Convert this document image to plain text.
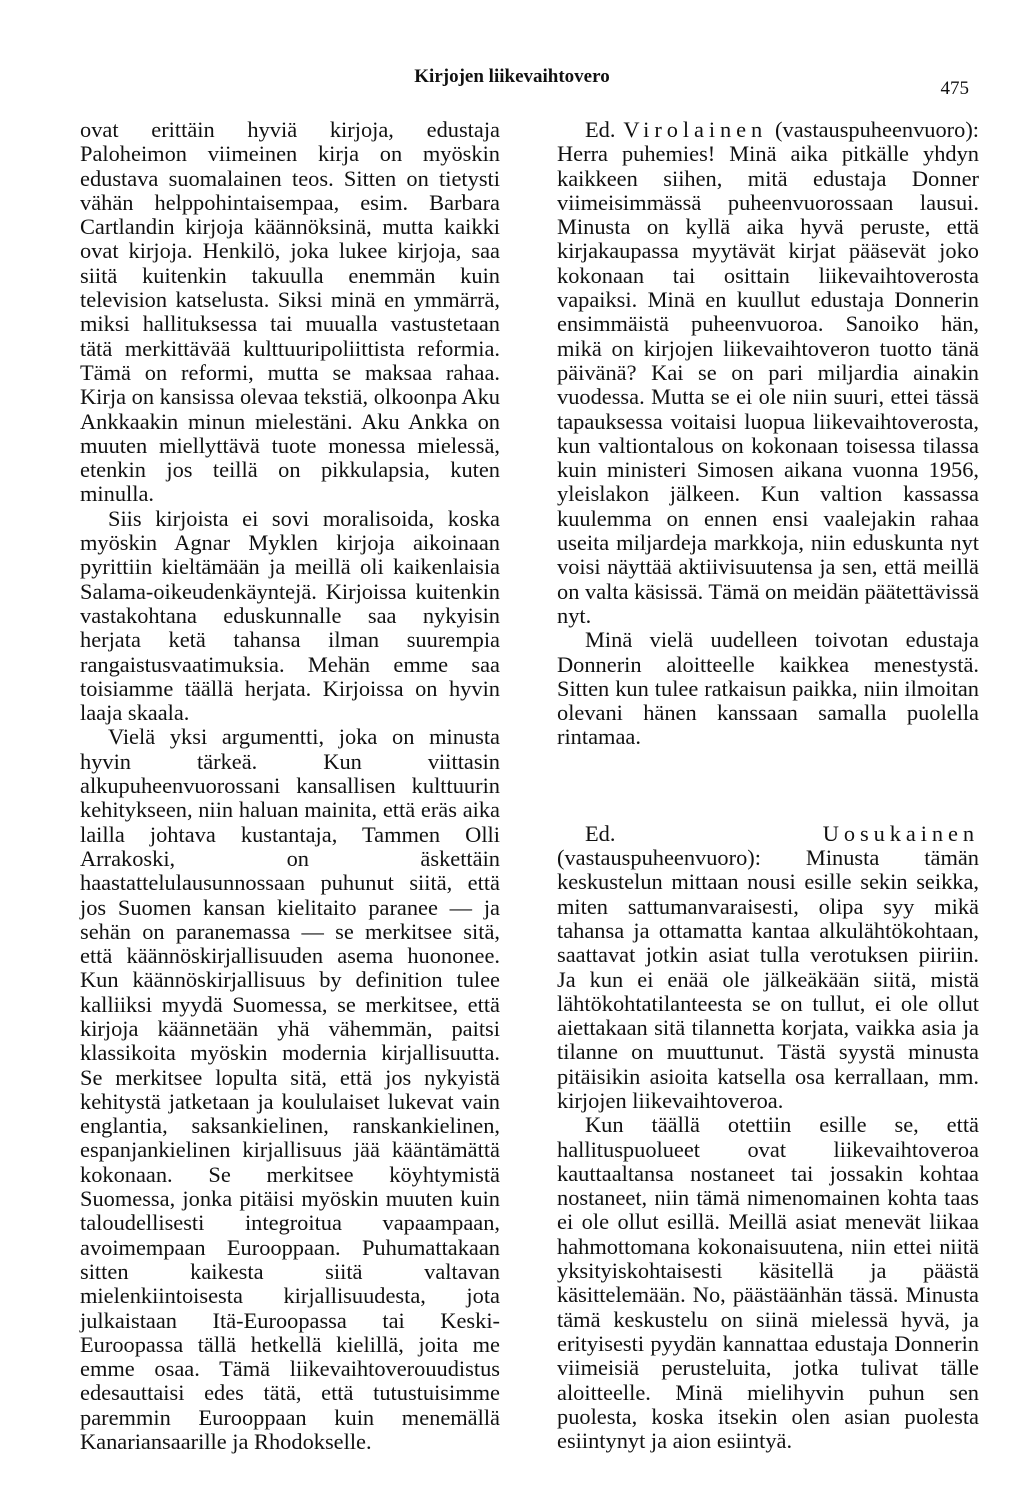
Kirjojen liikevaihtovero
475

ovat erittäin hyviä kirjoja, edustaja Paloheimon viimeinen kirja on myöskin edustava suomalainen teos. Sitten on tietysti vähän helppohintaisempaa, esim. Barbara Cartlandin kirjoja käännöksinä, mutta kaikki ovat kirjoja. Henkilö, joka lukee kirjoja, saa siitä kuitenkin takuulla enemmän kuin television katselusta. Siksi minä en ymmärrä, miksi hallituksessa tai muualla vastustetaan tätä merkittävää kulttuuripoliittista reformia. Tämä on reformi, mutta se maksaa rahaa. Kirja on kansissa olevaa tekstiä, olkoonpa Aku Ankkaakin minun mielestäni. Aku Ankka on muuten miellyttävä tuote monessa mielessä, etenkin jos teillä on pikkulapsia, kuten minulla.

Siis kirjoista ei sovi moralisoida, koska myöskin Agnar Myklen kirjoja aikoinaan pyrittiin kieltämään ja meillä oli kaikenlaisia Salama-oikeudenkäyntejä. Kirjoissa kuitenkin vastakohtana eduskunnalle saa nykyisin herjata ketä tahansa ilman suurempia rangaistusvaatimuksia. Mehän emme saa toisiamme täällä herjata. Kirjoissa on hyvin laaja skaala.

Vielä yksi argumentti, joka on minusta hyvin tärkeä. Kun viittasin alkupuheenvuorossani kansallisen kulttuurin kehitykseen, niin haluan mainita, että eräs aika lailla johtava kustantaja, Tammen Olli Arrakoski, on äskettäin haastattelulausunnossaan puhunut siitä, että jos Suomen kansan kielitaito paranee — ja sehän on paranemassa — se merkitsee sitä, että käännöskirjallisuuden asema huononee. Kun käännöskirjallisuus by definition tulee kalliiksi myydä Suomessa, se merkitsee, että kirjoja käännetään yhä vähemmän, paitsi klassikoita myöskin modernia kirjallisuutta. Se merkitsee lopulta sitä, että jos nykyistä kehitystä jatketaan ja koululaiset lukevat vain englantia, saksankielinen, ranskankielinen, espanjankielinen kirjallisuus jää kääntämättä kokonaan. Se merkitsee köyhtymistä Suomessa, jonka pitäisi myöskin muuten kuin taloudellisesti integroitua vapaampaan, avoimempaan Eurooppaan. Puhumattakaan sitten kaikesta siitä valtavan mielenkiintoisesta kirjallisuudesta, jota julkaistaan Itä-Euroopassa tai Keski-Euroopassa tällä hetkellä kielillä, joita me emme osaa. Tämä liikevaihtoverouudistus edesauttaisi edes tätä, että tutustuisimme paremmin Eurooppaan kuin menemällä Kanariansaarille ja Rhodokselle.

Ed. Virolainen (vastauspuheenvuoro): Herra puhemies! Minä aika pitkälle yhdyn kaikkeen siihen, mitä edustaja Donner viimeisimmässä puheenvuorossaan lausui. Minusta on kyllä aika hyvä peruste, että kirjakaupassa myytävät kirjat pääsevät joko kokonaan tai osittain liikevaihtoverosta vapaiksi. Minä en kuullut edustaja Donnerin ensimmäistä puheenvuoroa. Sanoiko hän, mikä on kirjojen liikevaihtoveron tuotto tänä päivänä? Kai se on pari miljardia ainakin vuodessa. Mutta se ei ole niin suuri, ettei tässä tapauksessa voitaisi luopua liikevaihtoverosta, kun valtiontalous on kokonaan toisessa tilassa kuin ministeri Simosen aikana vuonna 1956, yleislakon jälkeen. Kun valtion kassassa kuulemma on ennen ensi vaalejakin rahaa useita miljardeja markkoja, niin eduskunta nyt voisi näyttää aktiivisuutensa ja sen, että meillä on valta käsissä. Tämä on meidän päätettävissä nyt.

Minä vielä uudelleen toivotan edustaja Donnerin aloitteelle kaikkea menestystä. Sitten kun tulee ratkaisun paikka, niin ilmoitan olevani hänen kanssaan samalla puolella rintamaa.

Ed.	Uosukainen (vastauspuheenvuoro): Minusta tämän keskustelun mittaan nousi esille sekin seikka, miten sattumanvaraisesti, olipa syy mikä tahansa ja ottamatta kantaa alkulähtökohtaan, saattavat jotkin asiat tulla verotuksen piiriin. Ja kun ei enää ole jälkeäkään siitä, mistä lähtökohtatilanteesta se on tullut, ei ole ollut aiettakaan sitä tilannetta korjata, vaikka asia ja tilanne on muuttunut. Tästä syystä minusta pitäisikin asioita katsella osa kerrallaan, mm. kirjojen liikevaihtoveroa.

Kun täällä otettiin esille se, että hallituspuolueet ovat liikevaihtoveroa kauttaaltansa nostaneet tai jossakin kohtaa nostaneet, niin tämä nimenomainen kohta taas ei ole ollut esillä. Meillä asiat menevät liikaa hahmottomana kokonaisuutena, niin ettei niitä yksityiskohtaisesti käsitellä ja päästä käsittelemään. No, päästäänhän tässä. Minusta tämä keskustelu on siinä mielessä hyvä, ja erityisesti pyydän kannattaa edustaja Donnerin viimeisiä perusteluita, jotka tulivat tälle aloitteelle. Minä mielihyvin puhun sen puolesta, koska itsekin olen asian puolesta esiintynyt ja aion esiintyä.
